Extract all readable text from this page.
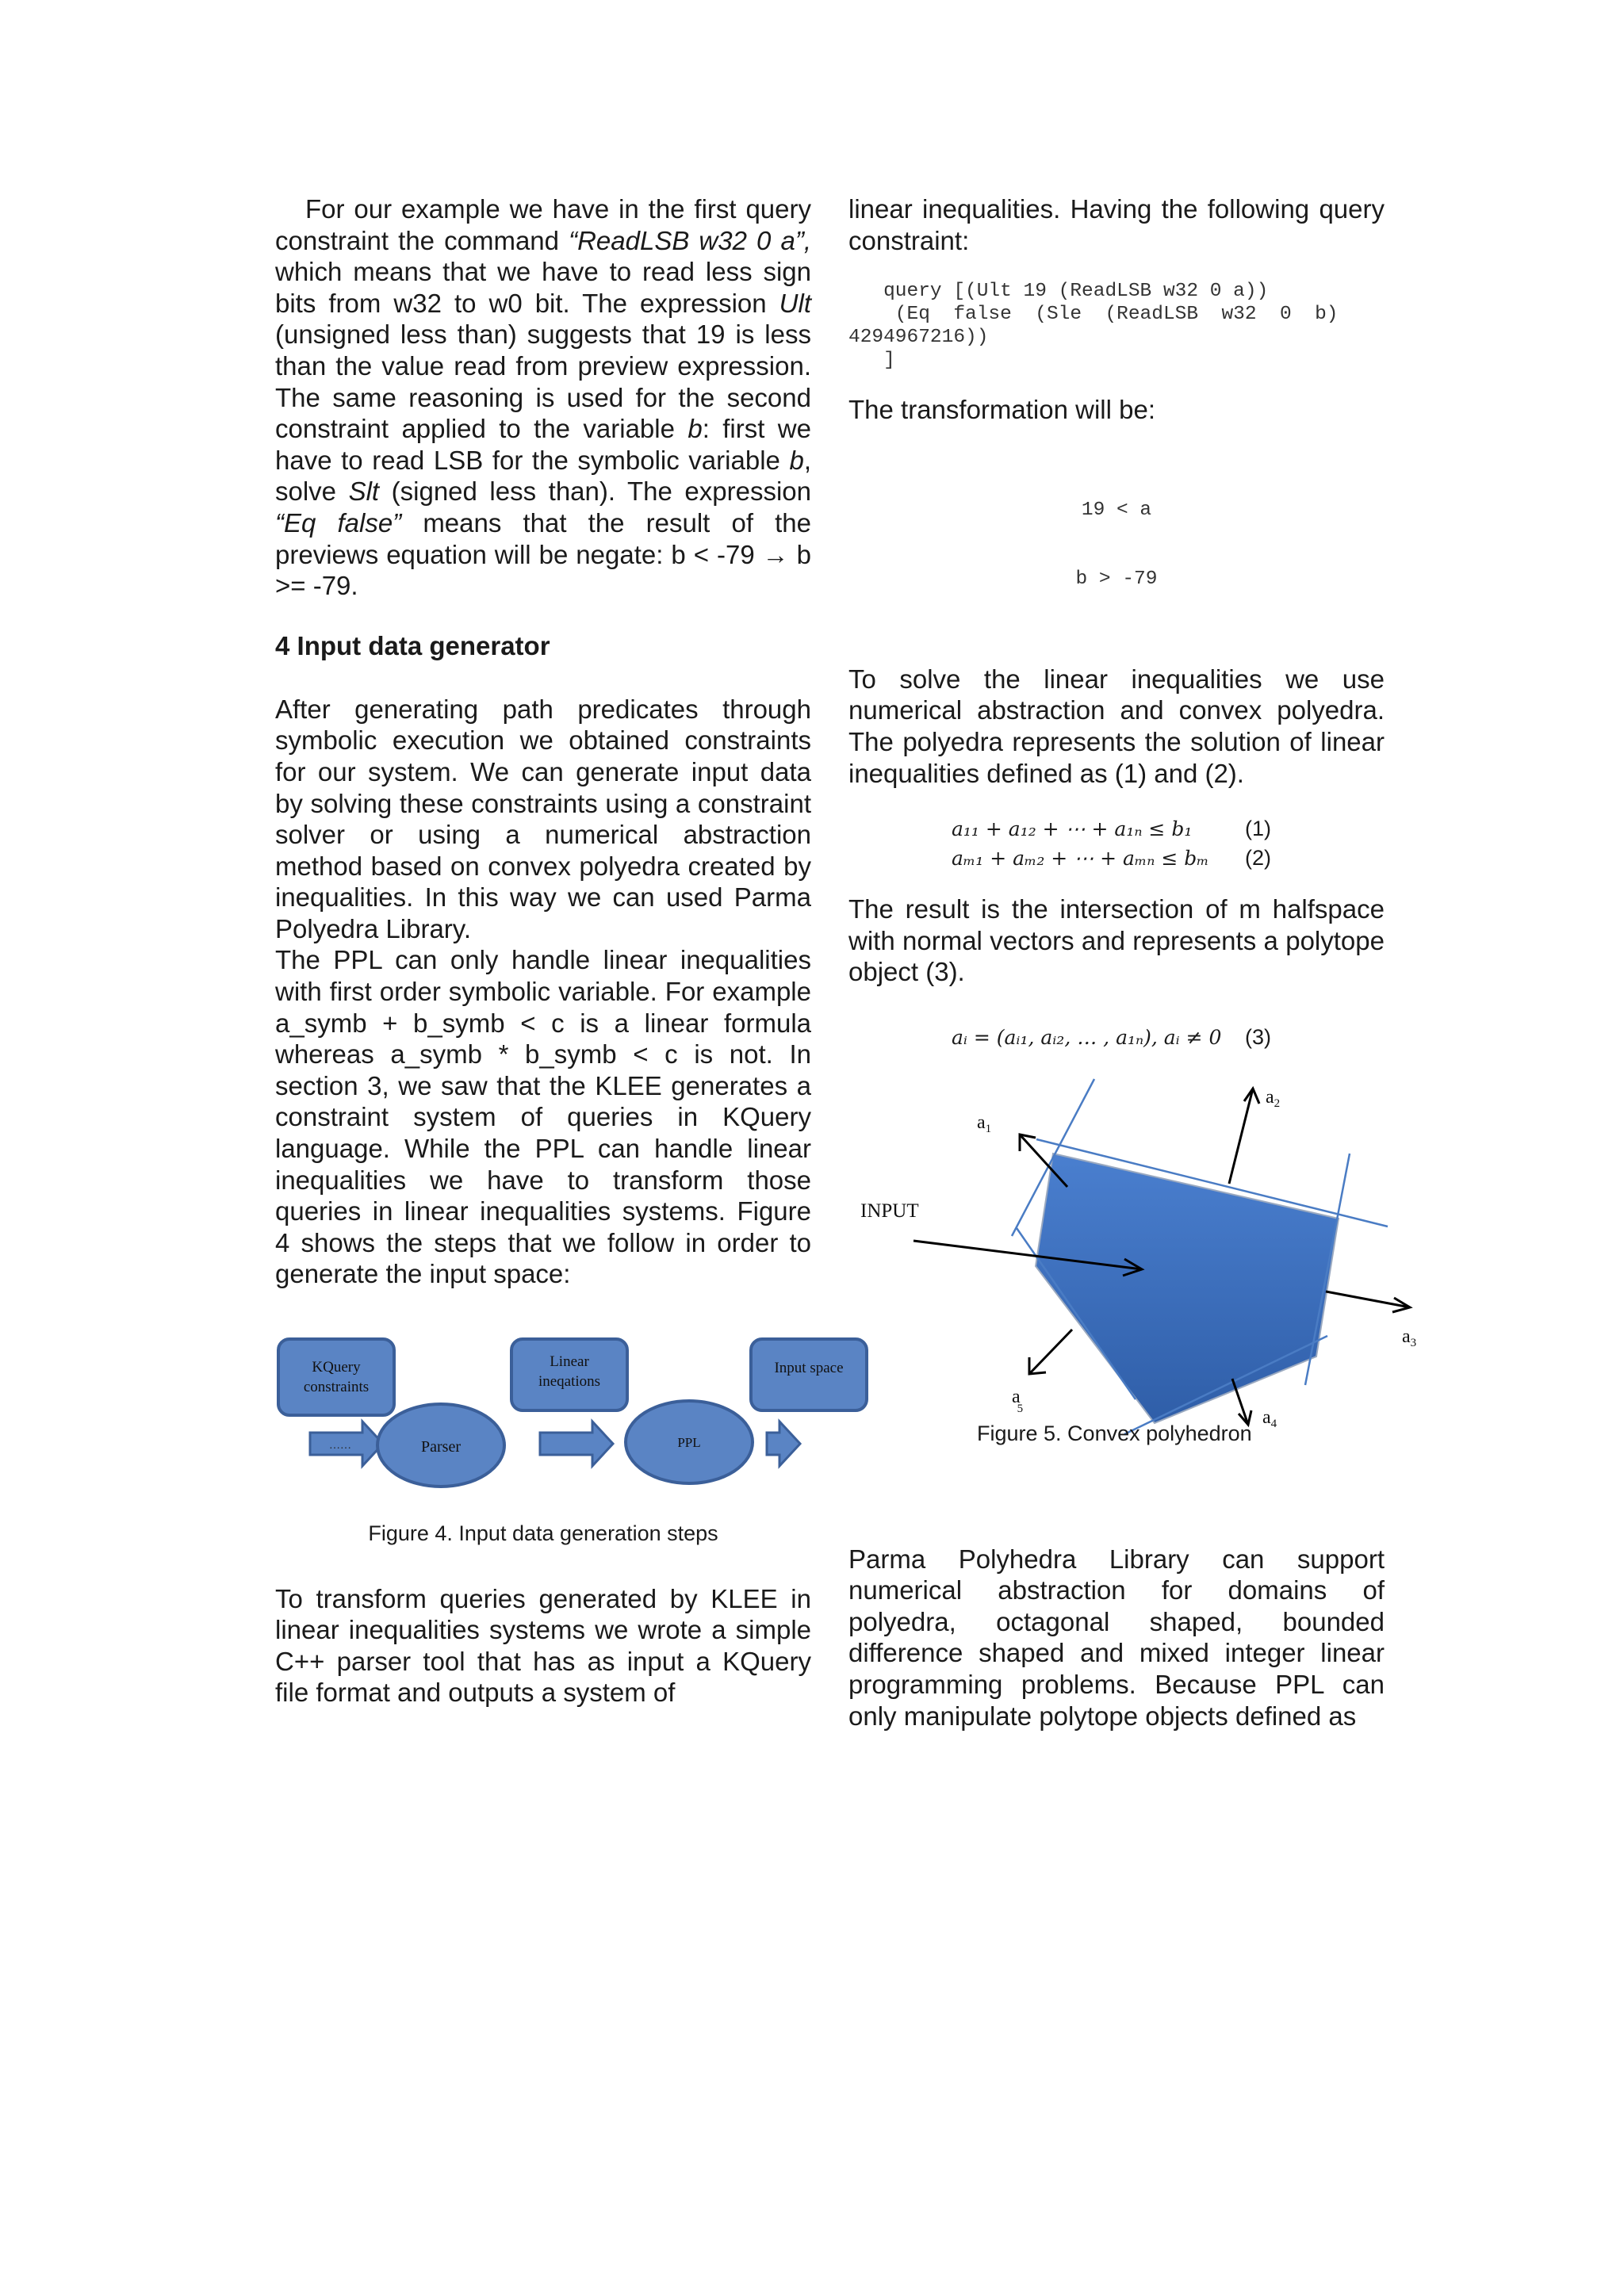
For our example we have in the first query constraint the command “ReadLSB w32 0 a”, which means that we have to read less sign bits from w32 to w0 bit. The expression Ult (unsigned less than) suggests that 19 is less than the value read from preview expression. The same reasoning is used for the second constraint applied to the variable b: first we have to read LSB for the symbolic variable b, solve Slt (signed less than). The expression “Eq false” means that the result of the previews equation will be negate: b < -79 → b >= -79.

4 Input data generator

After generating path predicates through symbolic execution we obtained constraints for our system. We can generate input data by solving these constraints using a constraint solver or using a numerical abstraction method based on convex polyedra created by inequalities. In this way we can used Parma Polyedra Library.

The PPL can only handle linear inequalities with first order symbolic variable. For example a_symb + b_symb < c is a linear formula whereas a_symb * b_symb < c is not. In section 3, we saw that the KLEE generates a constraint system of queries in KQuery language. While the PPL can handle linear inequalities we have to transform those queries in linear inequalities systems. Figure 4 shows the steps that we follow in order to generate the input space:

KQuery
constraints
……	Parser
Linear
ineqations
PPL
Input space
Figure 4. Input data generation steps

To transform queries generated by KLEE in linear inequalities systems we wrote a simple C++ parser tool that has as input a KQuery file format and outputs a system of

linear inequalities. Having the following query constraint:

query [(Ult 19 (ReadLSB w32 0 a))
(Eq  false  (Sle  (ReadLSB  w32  0  b)
4294967216))
]

The transformation will be:

19 < a

b > -79

To solve the linear inequalities we use numerical abstraction and convex polyedra. The polyedra represents the solution of linear inequalities defined as (1) and (2).

a₁₁ + a₁₂ + ⋯ + a₁ₙ ≤ b₁ (1)
aₘ₁ + aₘ₂ + ⋯ + aₘₙ ≤ bₘ (2)

The result is the intersection of m halfspace with normal vectors and represents a polytope object (3).

aᵢ = (aᵢ₁, aᵢ₂, … , a₁ₙ), aᵢ ≠ 0 (3)
INPUT
$a_1$
$a_2$
$a_3$
$a_4$
a 5
Figure 5. Convex polyhedron

Parma Polyhedra Library can support numerical abstraction for domains of polyedra, octagonal shaped, bounded difference shaped and mixed integer linear programming problems. Because PPL can only manipulate polytope objects defined as
